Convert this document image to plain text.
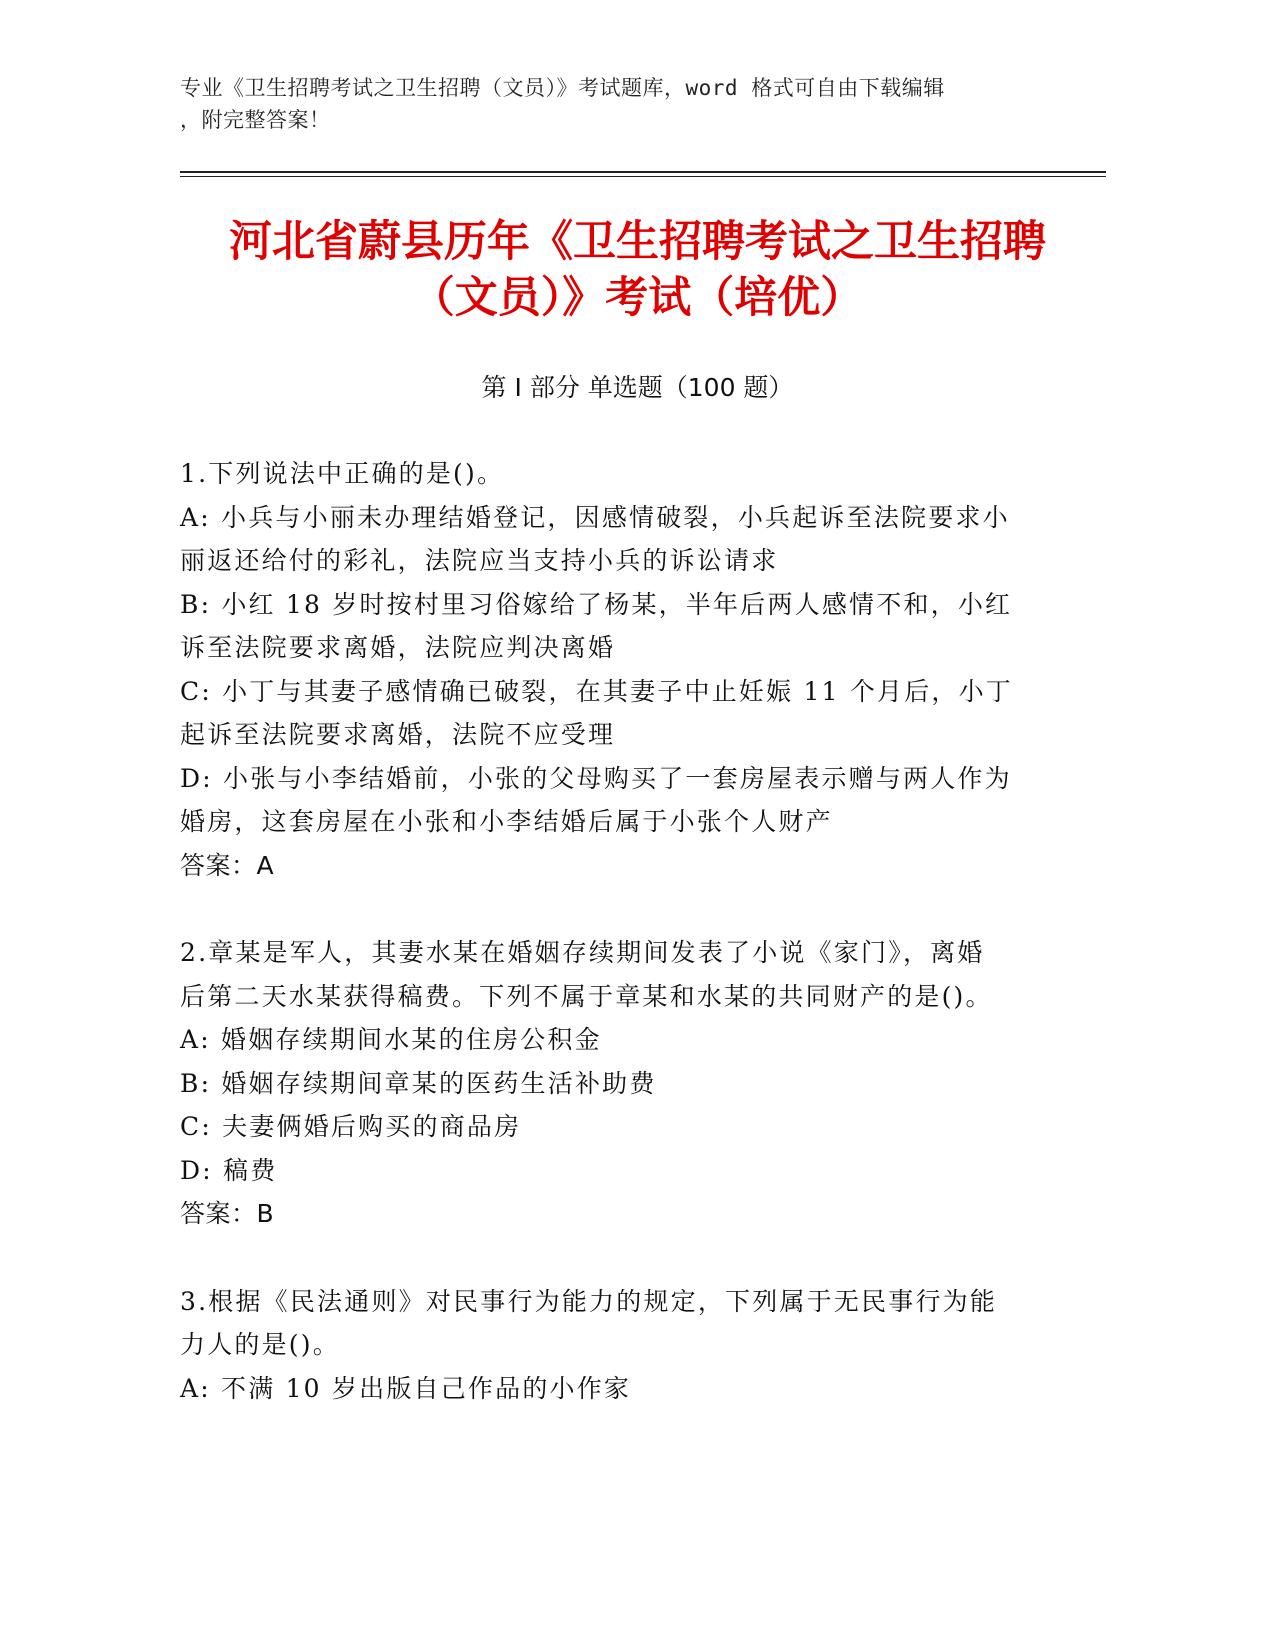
专业《卫生招聘考试之卫生招聘（文员）》考试题库，word 格式可自由下载编辑
，附完整答案！
河北省蔚县历年《卫生招聘考试之卫生招聘
（文员）》考试（培优）
第 I 部分 单选题（100 题）
1.下列说法中正确的是()。
A: 小兵与小丽未办理结婚登记，因感情破裂，小兵起诉至法院要求小
丽返还给付的彩礼，法院应当支持小兵的诉讼请求
B: 小红 18 岁时按村里习俗嫁给了杨某，半年后两人感情不和，小红
诉至法院要求离婚，法院应判决离婚
C: 小丁与其妻子感情确已破裂，在其妻子中止妊娠 11 个月后，小丁
起诉至法院要求离婚，法院不应受理
D: 小张与小李结婚前，小张的父母购买了一套房屋表示赠与两人作为
婚房，这套房屋在小张和小李结婚后属于小张个人财产
答案：A
2.章某是军人，其妻水某在婚姻存续期间发表了小说《家门》，离婚
后第二天水某获得稿费。下列不属于章某和水某的共同财产的是()。
A: 婚姻存续期间水某的住房公积金
B: 婚姻存续期间章某的医药生活补助费
C: 夫妻俩婚后购买的商品房
D: 稿费
答案：B
3.根据《民法通则》对民事行为能力的规定，下列属于无民事行为能
力人的是()。
A: 不满 10 岁出版自己作品的小作家
